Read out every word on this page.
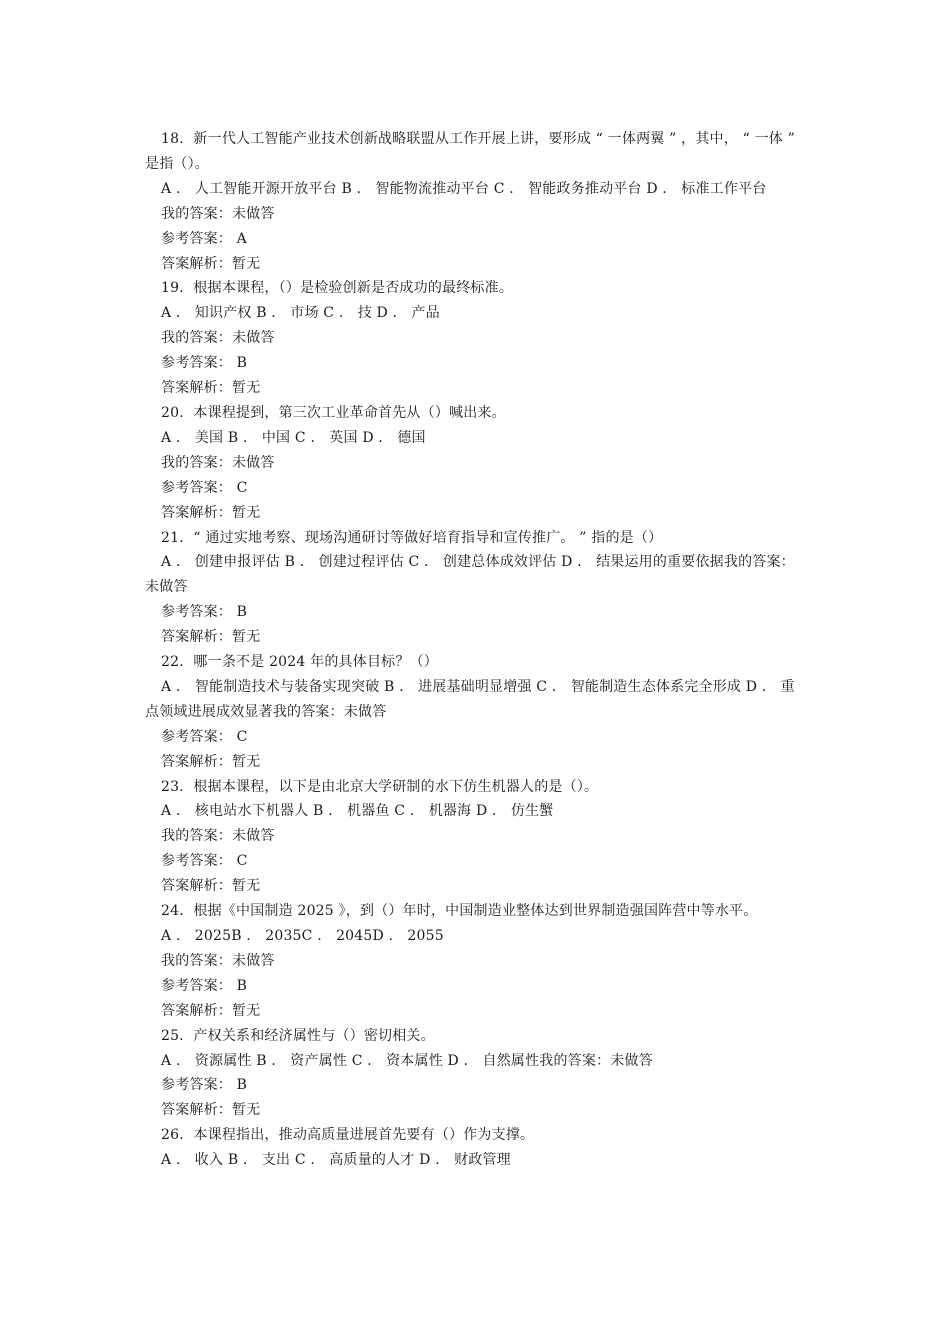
18．新一代人工智能产业技术创新战略联盟从工作开展上讲，要形成 “ 一体两翼 ” ，其中， “ 一体 ” 是指（）。
A ． 人工智能开源开放平台 B ． 智能物流推动平台 C ． 智能政务推动平台 D ． 标准工作平台
我的答案：未做答
参考答案： A
答案解析：暂无
19．根据本课程，（）是检验创新是否成功的最终标准。
A ． 知识产权 B ． 市场 C ． 技 D ． 产品
我的答案：未做答
参考答案： B
答案解析：暂无
20．本课程提到，第三次工业革命首先从（）喊出来。
A ． 美国 B ． 中国 C ． 英国 D ． 德国
我的答案：未做答
参考答案： C
答案解析：暂无
21．“ 通过实地考察、现场沟通研讨等做好培育指导和宣传推广。 ” 指的是（）
A ． 创建申报评估 B ． 创建过程评估 C ． 创建总体成效评估 D ． 结果运用的重要依据我的答案：未做答
参考答案： B
答案解析：暂无
22．哪一条不是 2024 年的具体目标？（）
A ． 智能制造技术与装备实现突破 B ． 进展基础明显增强 C ． 智能制造生态体系完全形成 D ． 重点领域进展成效显著我的答案：未做答
参考答案： C
答案解析：暂无
23．根据本课程，以下是由北京大学研制的水下仿生机器人的是（）。
A ． 核电站水下机器人 B ． 机器鱼 C ． 机器海 D ． 仿生蟹
我的答案：未做答
参考答案： C
答案解析：暂无
24．根据《中国制造 2025 》，到（）年时，中国制造业整体达到世界制造强国阵营中等水平。
A ． 2025B ． 2035C ． 2045D ． 2055
我的答案：未做答
参考答案： B
答案解析：暂无
25．产权关系和经济属性与（）密切相关。
A ． 资源属性 B ． 资产属性 C ． 资本属性 D ． 自然属性我的答案：未做答
参考答案： B
答案解析：暂无
26．本课程指出，推动高质量进展首先要有（）作为支撑。
A ． 收入 B ． 支出 C ． 高质量的人才 D ． 财政管理
